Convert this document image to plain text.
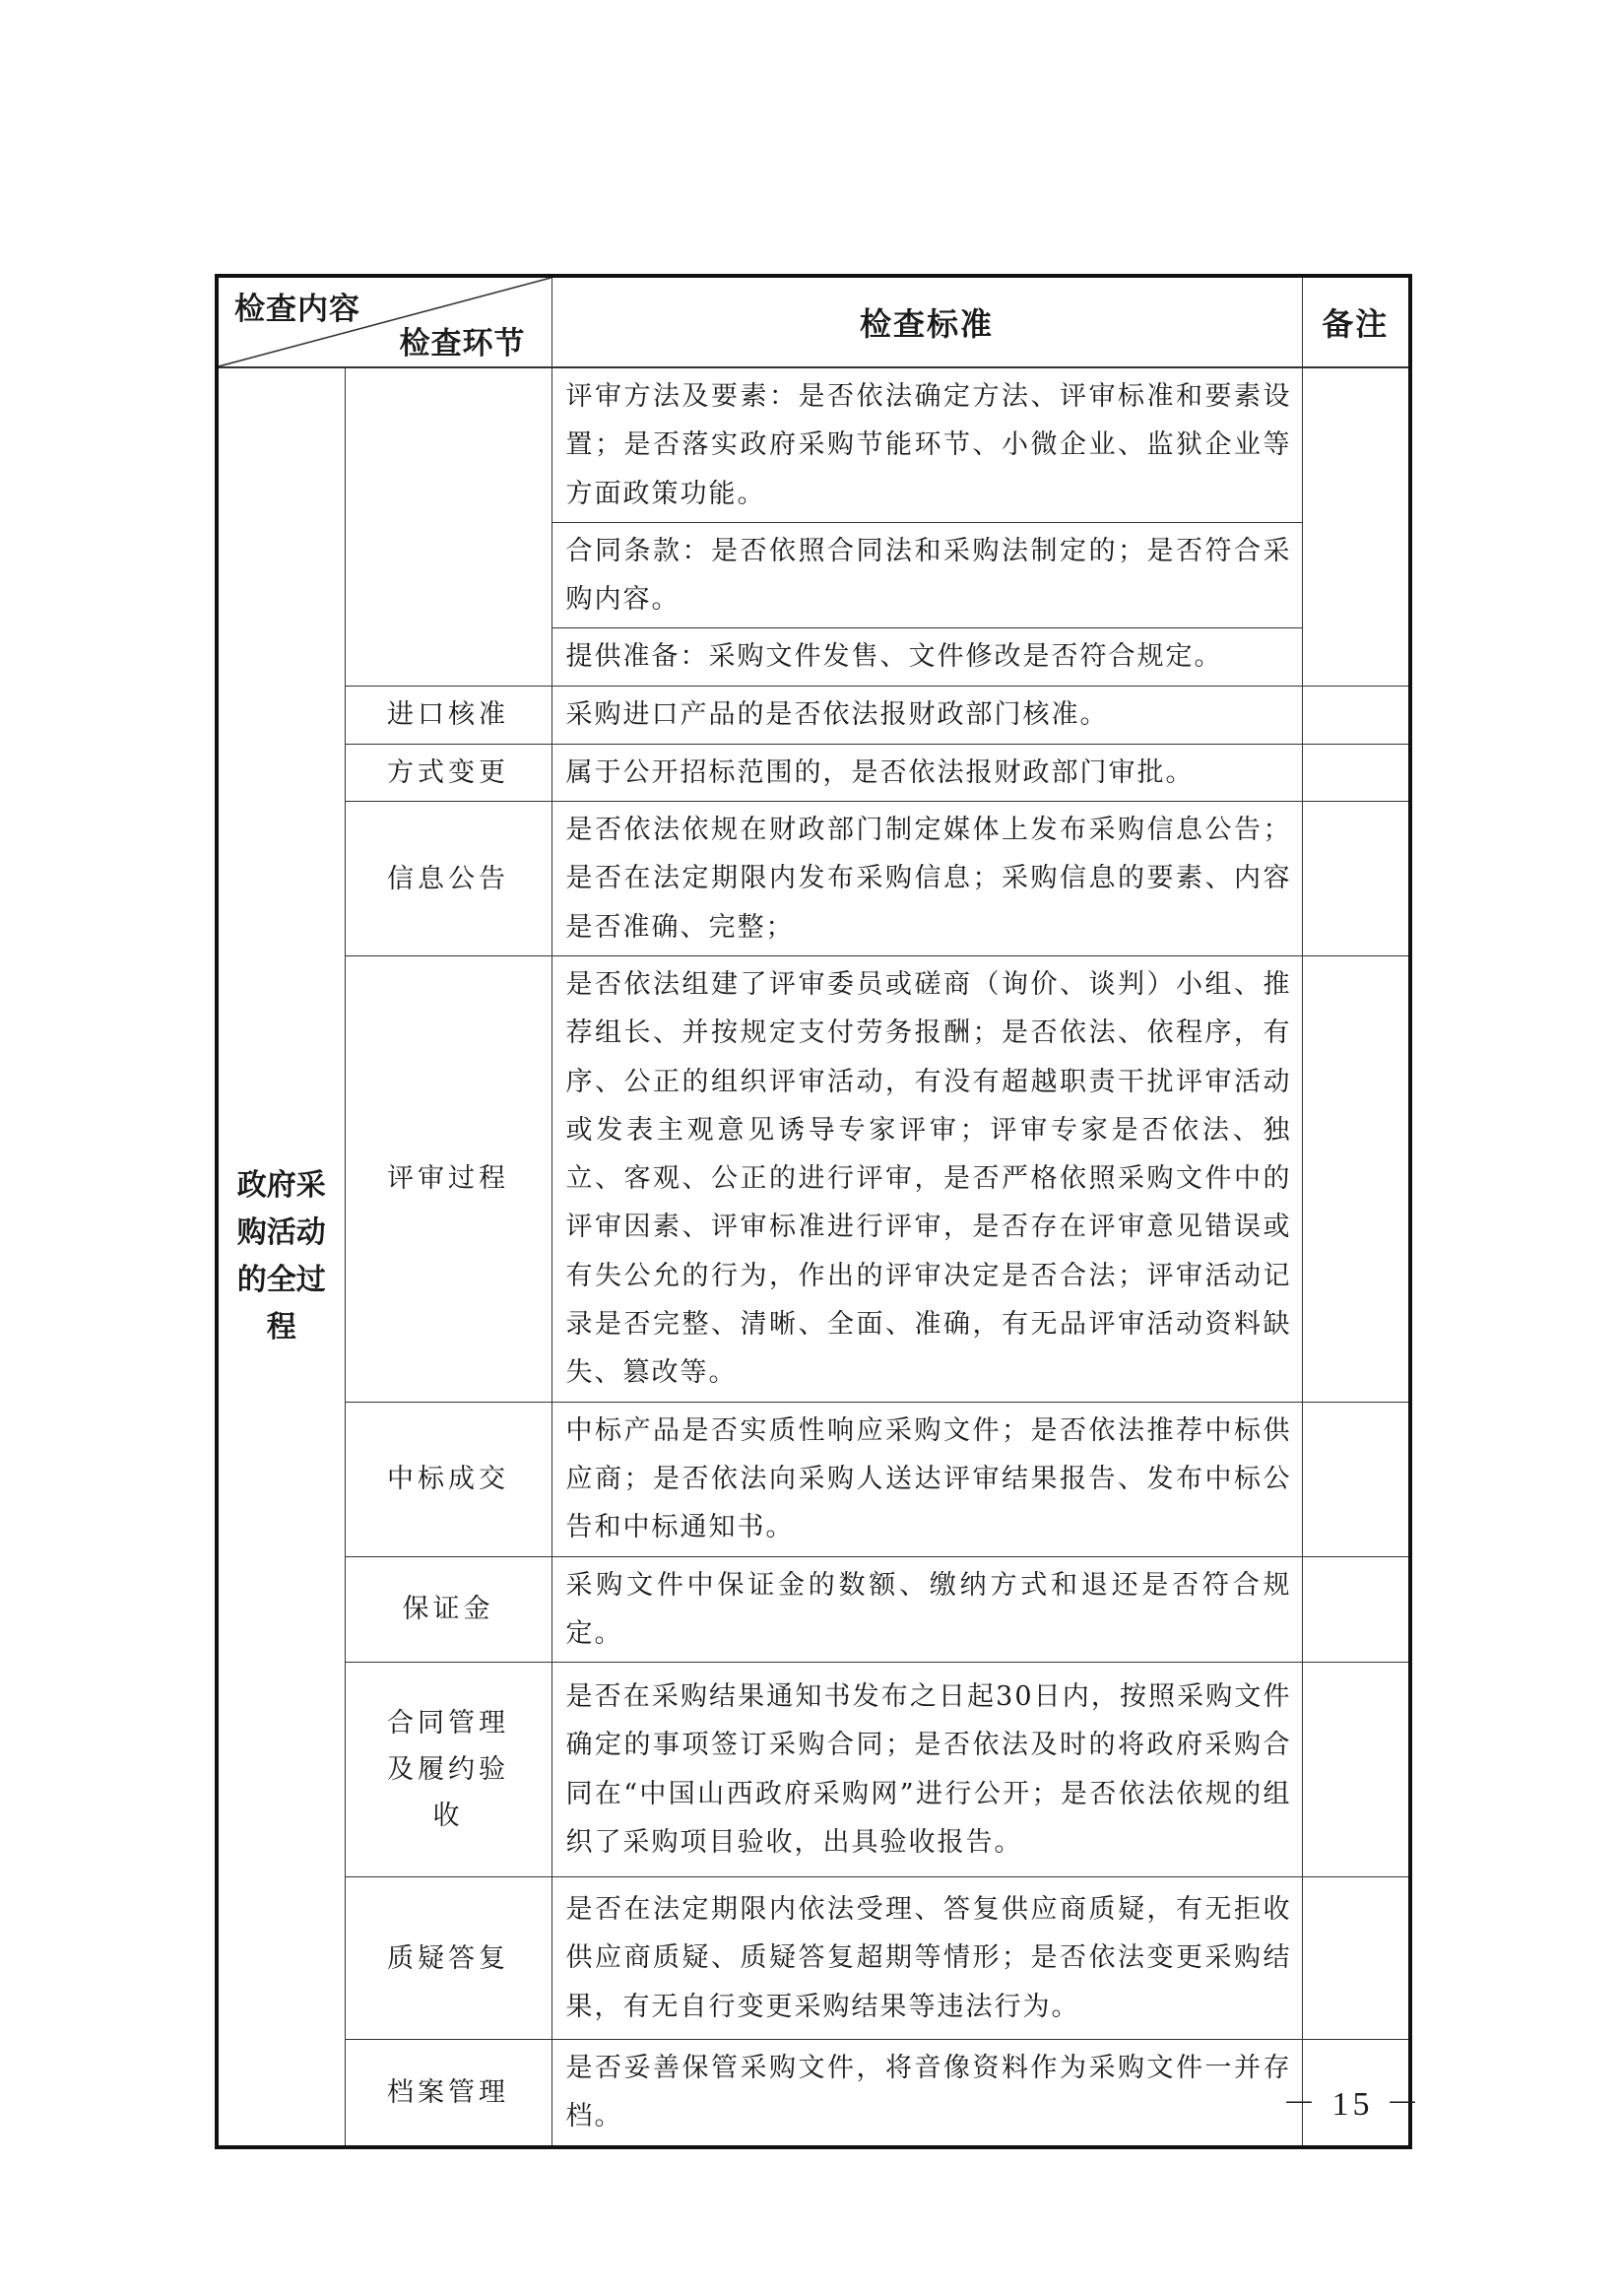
检查内容
检查环节		检查标准	备注
政府采购活动的全过程		评审方法及要素：是否依法确定方法、评审标准和要素设置；是否落实政府采购节能环节、小微企业、监狱企业等方面政策功能。	
		合同条款：是否依照合同法和采购法制定的；是否符合采购内容。	
		提供准备：采购文件发售、文件修改是否符合规定。	
	进口核准	采购进口产品的是否依法报财政部门核准。	
	方式变更	属于公开招标范围的，是否依法报财政部门审批。	
	信息公告	是否依法依规在财政部门制定媒体上发布采购信息公告；是否在法定期限内发布采购信息；采购信息的要素、内容是否准确、完整；	
	评审过程	是否依法组建了评审委员或磋商（询价、谈判）小组、推荐组长、并按规定支付劳务报酬；是否依法、依程序，有序、公正的组织评审活动，有没有超越职责干扰评审活动或发表主观意见诱导专家评审；评审专家是否依法、独立、客观、公正的进行评审，是否严格依照采购文件中的评审因素、评审标准进行评审，是否存在评审意见错误或有失公允的行为，作出的评审决定是否合法；评审活动记录是否完整、清晰、全面、准确，有无品评审活动资料缺失、篡改等。	
	中标成交	中标产品是否实质性响应采购文件；是否依法推荐中标供应商；是否依法向采购人送达评审结果报告、发布中标公告和中标通知书。	
	保证金	采购文件中保证金的数额、缴纳方式和退还是否符合规定。	
	合同管理及履约验收	是否在采购结果通知书发布之日起30日内，按照采购文件确定的事项签订采购合同；是否依法及时的将政府采购合同在“中国山西政府采购网”进行公开；是否依法依规的组织了采购项目验收，出具验收报告。	
	质疑答复	是否在法定期限内依法受理、答复供应商质疑，有无拒收供应商质疑、质疑答复超期等情形；是否依法变更采购结果，有无自行变更采购结果等违法行为。	
	档案管理	是否妥善保管采购文件，将音像资料作为采购文件一并存档。		－ 15 －
